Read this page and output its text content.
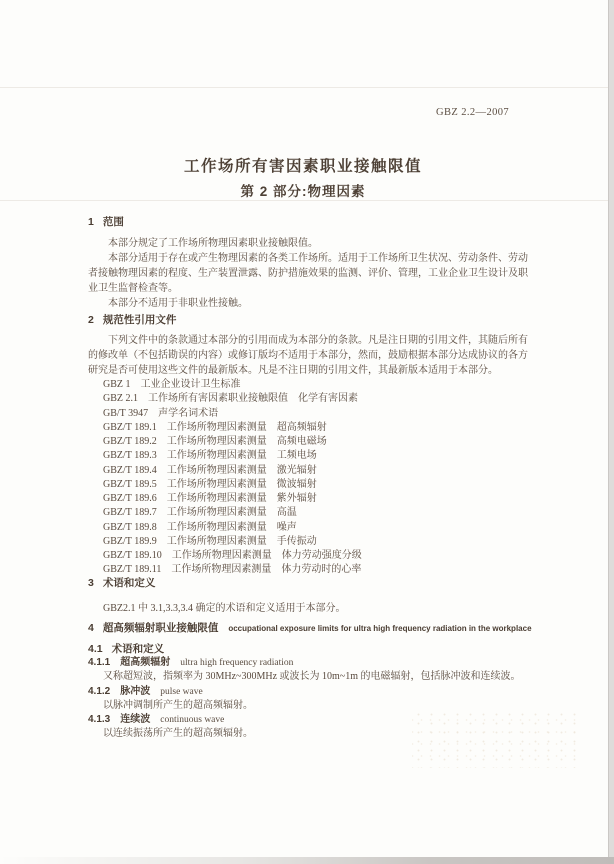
GBZ 2.2—2007
工作场所有害因素职业接触限值
第 2 部分:物理因素
1 范围

本部分规定了工作场所物理因素职业接触限值。

本部分适用于存在或产生物理因素的各类工作场所。适用于工作场所卫生状况、劳动条件、劳动者接触物理因素的程度、生产装置泄露、防护措施效果的监测、评价、管理，工业企业卫生设计及职业卫生监督检查等。

本部分不适用于非职业性接触。

2 规范性引用文件

下列文件中的条款通过本部分的引用而成为本部分的条款。凡是注日期的引用文件，其随后所有的修改单（不包括勘误的内容）或修订版均不适用于本部分，然而，鼓励根据本部分达成协议的各方研究是否可使用这些文件的最新版本。凡是不注日期的引用文件，其最新版本适用于本部分。

GBZ 1　工业企业设计卫生标准
GBZ 2.1　工作场所有害因素职业接触限值　化学有害因素
GB/T 3947　声学名词术语
GBZ/T 189.1　工作场所物理因素测量　超高频辐射
GBZ/T 189.2　工作场所物理因素测量　高频电磁场
GBZ/T 189.3　工作场所物理因素测量　工频电场
GBZ/T 189.4　工作场所物理因素测量　激光辐射
GBZ/T 189.5　工作场所物理因素测量　微波辐射
GBZ/T 189.6　工作场所物理因素测量　紫外辐射
GBZ/T 189.7　工作场所物理因素测量　高温
GBZ/T 189.8　工作场所物理因素测量　噪声
GBZ/T 189.9　工作场所物理因素测量　手传振动
GBZ/T 189.10　工作场所物理因素测量　体力劳动强度分级
GBZ/T 189.11　工作场所物理因素测量　体力劳动时的心率
3 术语和定义

GBZ2.1 中 3.1,3.3,3.4 确定的术语和定义适用于本部分。

4 超高频辐射职业接触限值 occupational exposure limits for ultra high frequency radiation in the workplace
4.1 术语和定义
4.1.1 超高频辐射 ultra high frequency radiation
又称超短波，指频率为 30MHz~300MHz 或波长为 10m~1m 的电磁辐射，包括脉冲波和连续波。
4.1.2 脉冲波 pulse wave
以脉冲调制所产生的超高频辐射。
4.1.3 连续波 continuous wave
以连续振荡所产生的超高频辐射。
